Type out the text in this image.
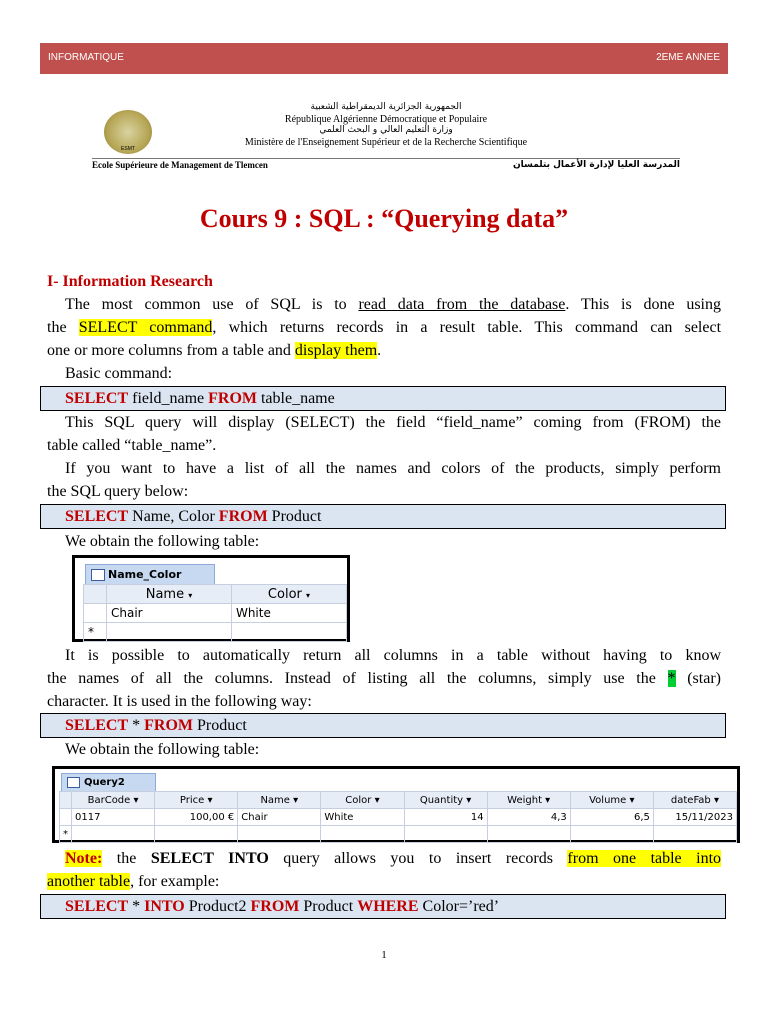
INFORMATIQUE	2EME ANNEE
ESMT
الجمهورية الجزائرية الديمقراطية الشعبية
République Algérienne Démocratique et Populaire
وزارة التعليم العالي و البحث العلمي
Ministère de l'Enseignement Supérieur et de la Recherche Scientifique
Ecole Supérieure de Management de Tlemcen	المدرسة العليا لإدارة الأعمال بتلمسان
Cours 9 : SQL : “Querying data”
I- Information Research
The most common use of SQL is to read data from the database. This is done using
the SELECT command, which returns records in a result table. This command can select
one or more columns from a table and display them.
Basic command:
SELECT field_name FROM table_name
This SQL query will display (SELECT) the field “field_name” coming from (FROM) the
table called “table_name”.
If you want to have a list of all the names and colors of the products, simply perform
the SQL query below:
SELECT Name, Color FROM Product
We obtain the following table:
Name_Color
	Name ▾	Color ▾
	Chair	White
*		
It is possible to automatically return all columns in a table without having to know
the names of all the columns. Instead of listing all the columns, simply use the * (star)
character. It is used in the following way:
SELECT * FROM Product
We obtain the following table:
Query2
	BarCode ▾	Price ▾	Name ▾	Color ▾	Quantity ▾	Weight ▾	Volume ▾	dateFab ▾
	0117	100,00 €	Chair	White	14	4,3	6,5	15/11/2023
*								
Note: the SELECT INTO query allows you to insert records from one table into
another table, for example:
SELECT * INTO Product2 FROM Product WHERE Color=’red’
1
